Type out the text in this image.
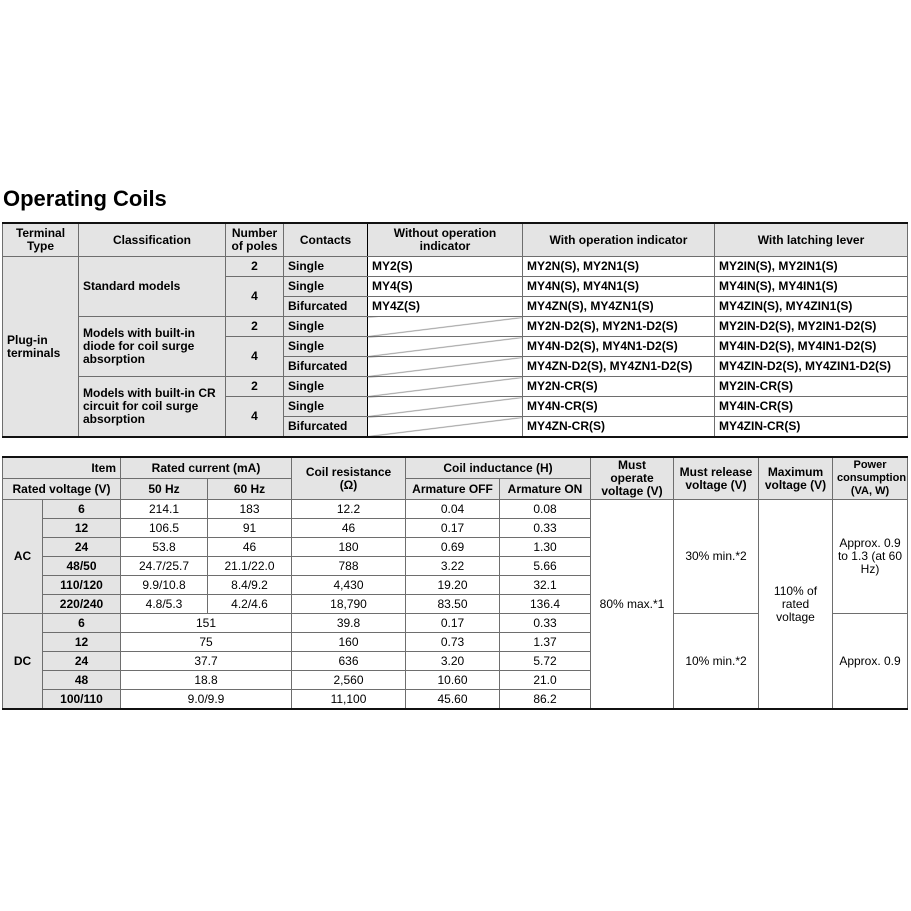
Operating Coils
Terminal Type	Classification	Number of poles	Contacts	Without operation indicator	With operation indicator	With latching lever
Plug-in terminals	Standard models	2	Single	MY2(S)	MY2N(S), MY2N1(S)	MY2IN(S), MY2IN1(S)
		4	Single	MY4(S)	MY4N(S), MY4N1(S)	MY4IN(S), MY4IN1(S)
			Bifurcated	MY4Z(S)	MY4ZN(S), MY4ZN1(S)	MY4ZIN(S), MY4ZIN1(S)
	Models with built-in diode for coil surge absorption	2	Single		MY2N-D2(S), MY2N1-D2(S)	MY2IN-D2(S), MY2IN1-D2(S)
		4	Single		MY4N-D2(S), MY4N1-D2(S)	MY4IN-D2(S), MY4IN1-D2(S)
			Bifurcated		MY4ZN-D2(S), MY4ZN1-D2(S)	MY4ZIN-D2(S), MY4ZIN1-D2(S)
	Models with built-in CR circuit for coil surge absorption	2	Single		MY2N-CR(S)	MY2IN-CR(S)
		4	Single		MY4N-CR(S)	MY4IN-CR(S)
			Bifurcated		MY4ZN-CR(S)	MY4ZIN-CR(S)
Item		Rated current (mA)		Coil resistance (Ω)	Coil inductance (H)		Must operate voltage (V)	Must release voltage (V)	Maximum voltage (V)	Power consumption (VA, W)
Rated voltage (V)		50 Hz	60 Hz		Armature OFF	Armature ON				
AC	6	214.1	183	12.2	0.04	0.08	80% max.*1	30% min.*2	110% of rated voltage	Approx. 0.9 to 1.3 (at 60 Hz)
	12	106.5	91	46	0.17	0.33				
	24	53.8	46	180	0.69	1.30				
	48/50	24.7/25.7	21.1/22.0	788	3.22	5.66				
	110/120	9.9/10.8	8.4/9.2	4,430	19.20	32.1				
	220/240	4.8/5.3	4.2/4.6	18,790	83.50	136.4				
DC	6	151		39.8	0.17	0.33		10% min.*2		Approx. 0.9
	12	75		160	0.73	1.37				
	24	37.7		636	3.20	5.72				
	48	18.8		2,560	10.60	21.0				
	100/110	9.0/9.9		11,100	45.60	86.2				
